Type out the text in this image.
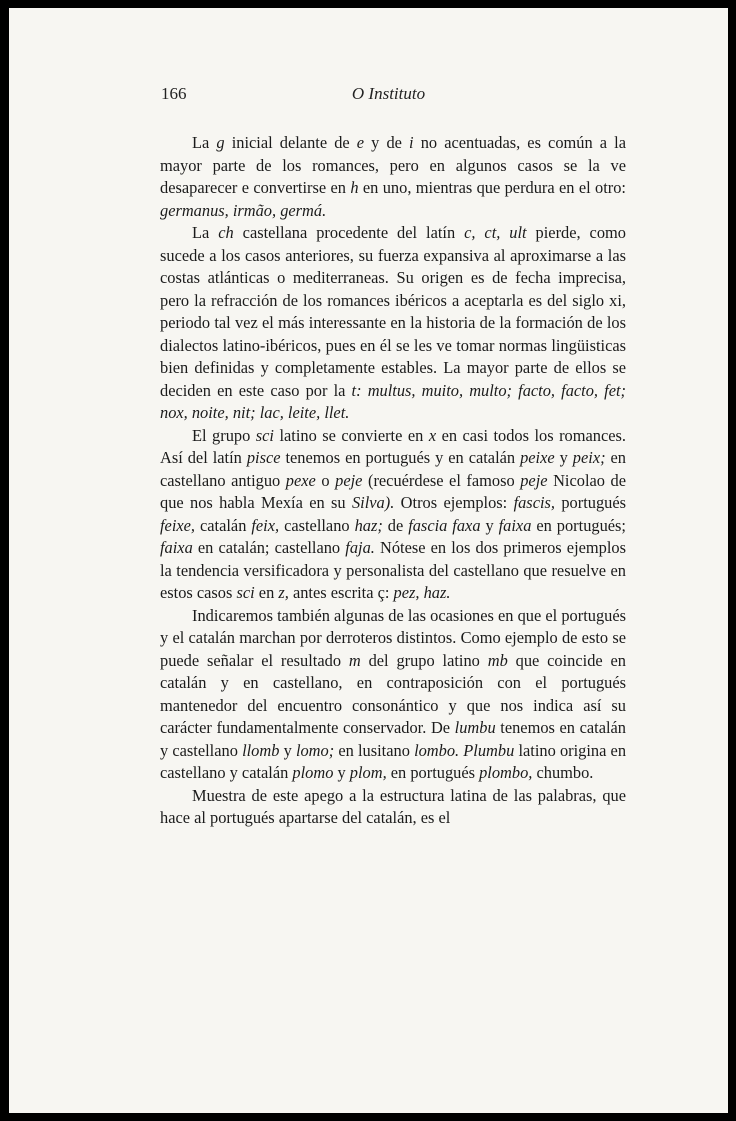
166	O Instituto

La g inicial delante de e y de i no acentuadas, es común a la mayor parte de los romances, pero en algunos casos se la ve desaparecer e convertirse en h en uno, mientras que perdura en el otro: germanus, irmão, germá.

La ch castellana procedente del latín c, ct, ult pierde, como sucede a los casos anteriores, su fuerza expansiva al aproximarse a las costas atlánticas o mediterraneas. Su origen es de fecha imprecisa, pero la refracción de los romances ibéricos a aceptarla es del siglo xi, periodo tal vez el más interessante en la historia de la formación de los dialectos latino-ibéricos, pues en él se les ve tomar normas lingüisticas bien definidas y completamente estables. La mayor parte de ellos se deciden en este caso por la t: multus, muito, multo; facto, facto, fet; nox, noite, nit; lac, leite, llet.

El grupo sci latino se convierte en x en casi todos los romances. Así del latín pisce tenemos en portugués y en catalán peixe y peix; en castellano antiguo pexe o peje (recuérdese el famoso peje Nicolao de que nos habla Mexía en su Silva). Otros ejemplos: fascis, portugués feixe, catalán feix, castellano haz; de fascia faxa y faixa en portugués; faixa en catalán; castellano faja. Nótese en los dos primeros ejemplos la tendencia versificadora y personalista del castellano que resuelve en estos casos sci en z, antes escrita ç: pez, haz.

Indicaremos también algunas de las ocasiones en que el portugués y el catalán marchan por derroteros distintos. Como ejemplo de esto se puede señalar el resultado m del grupo latino mb que coincide en catalán y en castellano, en contraposición con el portugués mantenedor del encuentro consonántico y que nos indica así su carácter fundamentalmente conservador. De lumbu tenemos en catalán y castellano llomb y lomo; en lusitano lombo. Plumbu latino origina en castellano y catalán plomo y plom, en portugués plombo, chumbo.

Muestra de este apego a la estructura latina de las palabras, que hace al portugués apartarse del catalán, es el
